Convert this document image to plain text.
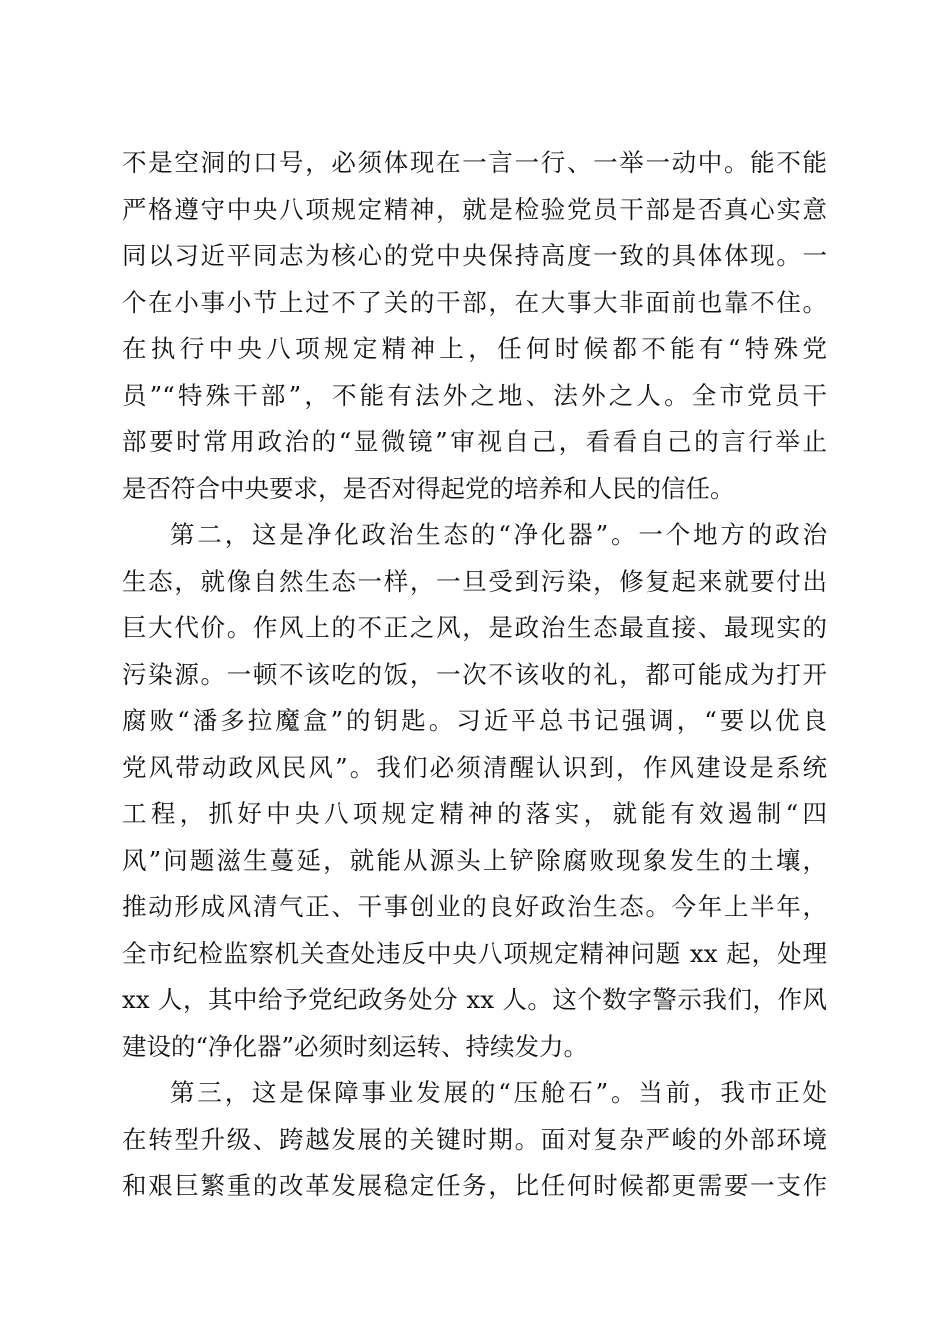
不是空洞的口号，必须体现在一言一行、一举一动中。能不能

严格遵守中央八项规定精神，就是检验党员干部是否真心实意

同以习近平同志为核心的党中央保持高度一致的具体体现。一

个在小事小节上过不了关的干部，在大事大非面前也靠不住。

在执行中央八项规定精神上，任何时候都不能有“特殊党

员”“特殊干部”，不能有法外之地、法外之人。全市党员干

部要时常用政治的“显微镜”审视自己，看看自己的言行举止

是否符合中央要求，是否对得起党的培养和人民的信任。

第二，这是净化政治生态的“净化器”。一个地方的政治

生态，就像自然生态一样，一旦受到污染，修复起来就要付出

巨大代价。作风上的不正之风，是政治生态最直接、最现实的

污染源。一顿不该吃的饭，一次不该收的礼，都可能成为打开

腐败“潘多拉魔盒”的钥匙。习近平总书记强调，“要以优良

党风带动政风民风”。我们必须清醒认识到，作风建设是系统

工程，抓好中央八项规定精神的落实，就能有效遏制“四

风”问题滋生蔓延，就能从源头上铲除腐败现象发生的土壤，

推动形成风清气正、干事创业的良好政治生态。今年上半年，

全市纪检监察机关查处违反中央八项规定精神问题 xx 起，处理

xx 人，其中给予党纪政务处分 xx 人。这个数字警示我们，作风

建设的“净化器”必须时刻运转、持续发力。

第三，这是保障事业发展的“压舱石”。当前，我市正处

在转型升级、跨越发展的关键时期。面对复杂严峻的外部环境

和艰巨繁重的改革发展稳定任务，比任何时候都更需要一支作
